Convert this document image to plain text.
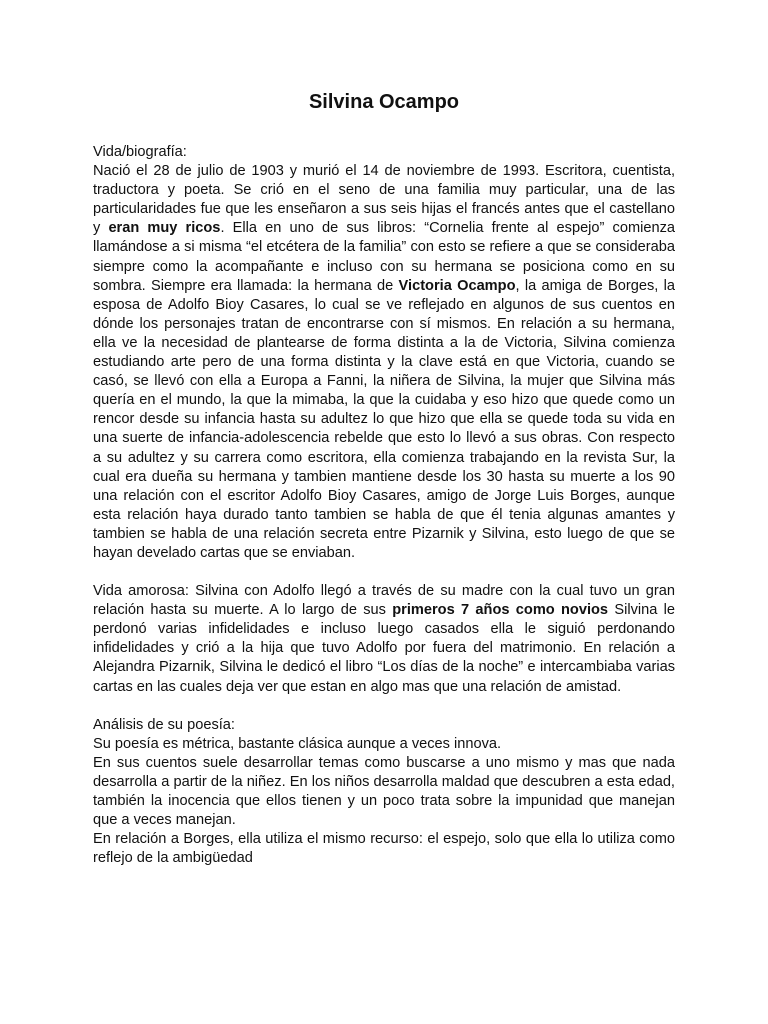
Silvina Ocampo

Vida/biografía:

Nació el 28 de julio de 1903 y murió el 14 de noviembre de 1993. Escritora, cuentista, traductora y poeta. Se crió en el seno de una familia muy particular, una de las particularidades fue que les enseñaron a sus seis hijas el francés antes que el castellano y eran muy ricos. Ella en uno de sus libros: “Cornelia frente al espejo” comienza llamándose a si misma “el etcétera de la familia” con esto se refiere a que se consideraba siempre como la acompañante e incluso con su hermana se posiciona como en su sombra. Siempre era llamada: la hermana de Victoria Ocampo, la amiga de Borges, la esposa de Adolfo Bioy Casares, lo cual se ve reflejado en algunos de sus cuentos en dónde los personajes tratan de encontrarse con sí mismos. En relación a su hermana, ella ve la necesidad de plantearse de forma distinta a la de Victoria, Silvina comienza estudiando arte pero de una forma distinta y la clave está en que Victoria, cuando se casó, se llevó con ella a Europa a Fanni, la niñera de Silvina, la mujer que Silvina más quería en el mundo, la que la mimaba, la que la cuidaba y eso hizo que quede como un rencor desde su infancia hasta su adultez lo que hizo que ella se quede toda su vida en una suerte de infancia-adolescencia rebelde que esto lo llevó a sus obras. Con respecto a su adultez y su carrera como escritora, ella comienza trabajando en la revista Sur, la cual era dueña su hermana y tambien mantiene desde los 30 hasta su muerte a los 90 una relación con el escritor Adolfo Bioy Casares, amigo de Jorge Luis Borges, aunque esta relación haya durado tanto tambien se habla de que él tenia algunas amantes y tambien se habla de una relación secreta entre Pizarnik y Silvina, esto luego de que se hayan develado cartas que se enviaban.

Vida amorosa: Silvina con Adolfo llegó a través de su madre con la cual tuvo un gran relación hasta su muerte. A lo largo de sus primeros 7 años como novios Silvina le perdonó varias infidelidades e incluso luego casados ella le siguió perdonando infidelidades y crió a la hija que tuvo Adolfo por fuera del matrimonio. En relación a Alejandra Pizarnik, Silvina le dedicó el libro “Los días de la noche” e intercambiaba varias cartas en las cuales deja ver que estan en algo mas que una relación de amistad.

Análisis de su poesía:

Su poesía es métrica, bastante clásica aunque a veces innova.

En sus cuentos suele desarrollar temas como buscarse a uno mismo y mas que nada desarrolla a partir de la niñez. En los niños desarrolla maldad que descubren a esta edad, también la inocencia que ellos tienen y un poco trata sobre la impunidad que manejan que a veces manejan.

En relación a Borges, ella utiliza el mismo recurso: el espejo, solo que ella lo utiliza como reflejo de la ambigüedad
